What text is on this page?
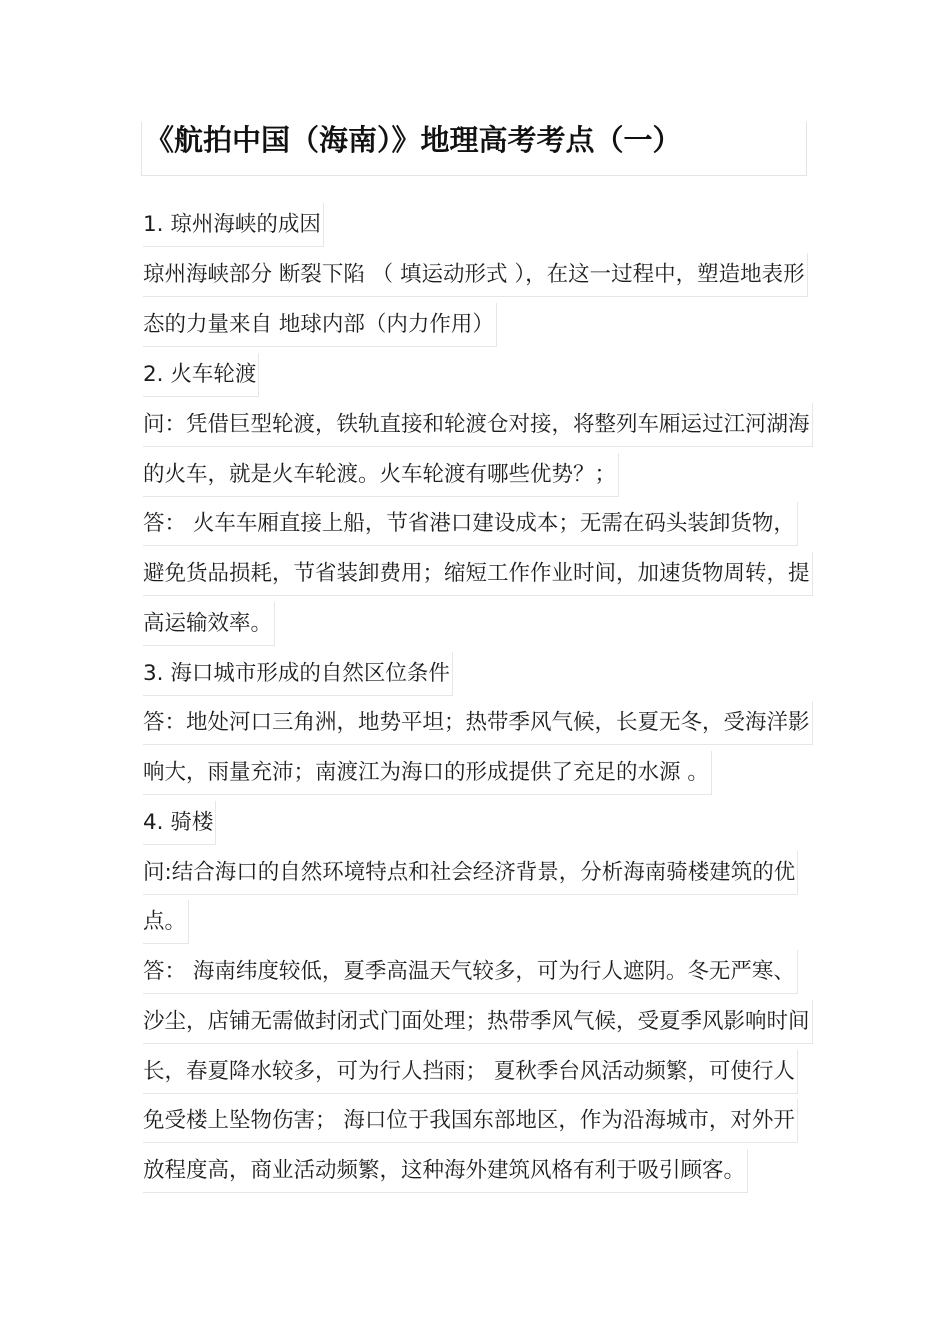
《航拍中国（海南）》地理高考考点（一）
1. 琼州海峡的成因
琼州海峡部分 断裂下陷 （ 填运动形式 ），在这一过程中，塑造地表形
态的力量来自 地球内部（内力作用）
2. 火车轮渡
问：凭借巨型轮渡，铁轨直接和轮渡仓对接，将整列车厢运过江河湖海
的火车，就是火车轮渡。火车轮渡有哪些优势？；
答： 火车车厢直接上船，节省港口建设成本；无需在码头装卸货物，
避免货品损耗，节省装卸费用；缩短工作作业时间，加速货物周转，提
高运输效率。
3. 海口城市形成的自然区位条件
答：地处河口三角洲，地势平坦；热带季风气候，长夏无冬，受海洋影
响大，雨量充沛；南渡江为海口的形成提供了充足的水源 。
4. 骑楼
问:结合海口的自然环境特点和社会经济背景，分析海南骑楼建筑的优
点。
答： 海南纬度较低，夏季高温天气较多，可为行人遮阴。冬无严寒、
沙尘，店铺无需做封闭式门面处理；热带季风气候，受夏季风影响时间
长，春夏降水较多，可为行人挡雨； 夏秋季台风活动频繁，可使行人
免受楼上坠物伤害； 海口位于我国东部地区，作为沿海城市，对外开
放程度高，商业活动频繁，这种海外建筑风格有利于吸引顾客。
